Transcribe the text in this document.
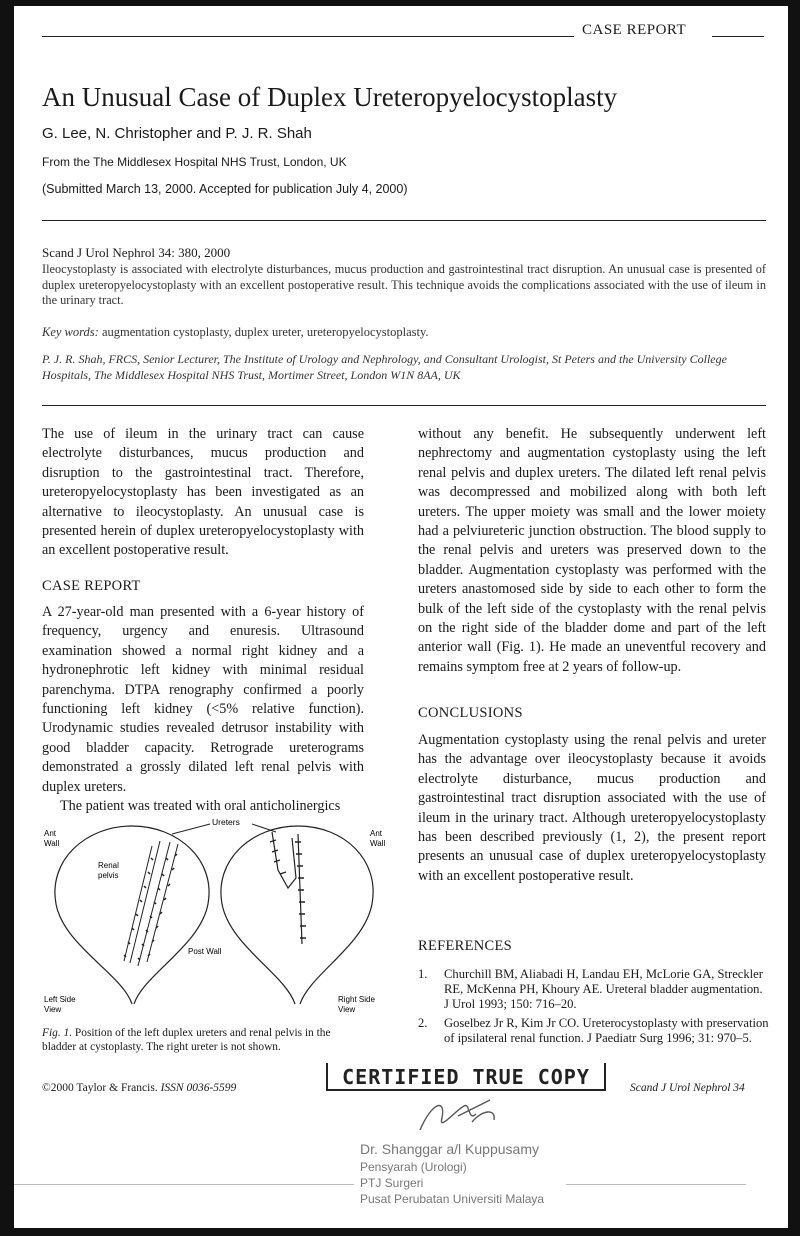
CASE REPORT
An Unusual Case of Duplex Ureteropyelocystoplasty
G. Lee, N. Christopher and P. J. R. Shah
From the The Middlesex Hospital NHS Trust, London, UK
(Submitted March 13, 2000. Accepted for publication July 4, 2000)
Scand J Urol Nephrol 34: 380, 2000
Ileocystoplasty is associated with electrolyte disturbances, mucus production and gastrointestinal tract disruption. An unusual case is presented of duplex ureteropyelocystoplasty with an excellent postoperative result. This technique avoids the complications associated with the use of ileum in the urinary tract.
Key words: augmentation cystoplasty, duplex ureter, ureteropyelocystoplasty.
P. J. R. Shah, FRCS, Senior Lecturer, The Institute of Urology and Nephrology, and Consultant Urologist, St Peters and the University College Hospitals, The Middlesex Hospital NHS Trust, Mortimer Street, London W1N 8AA, UK

The use of ileum in the urinary tract can cause electrolyte disturbances, mucus production and disruption to the gastrointestinal tract. Therefore, ureteropyelocystoplasty has been investigated as an alternative to ileocystoplasty. An unusual case is presented herein of duplex ureteropyelocystoplasty with an excellent postoperative result.

CASE REPORT

A 27-year-old man presented with a 6-year history of frequency, urgency and enuresis. Ultrasound examination showed a normal right kidney and a hydronephrotic left kidney with minimal residual parenchyma. DTPA renography confirmed a poorly functioning left kidney (<5% relative function). Urodynamic studies revealed detrusor instability with good bladder capacity. Retrograde ureterograms demonstrated a grossly dilated left renal pelvis with duplex ureters.

The patient was treated with oral anticholinergics

Ureters
Ant
Wall
Ant
Wall
Renal
pelvis
Post Wall
Left Side
View
Right Side
View
Fig. 1. Position of the left duplex ureters and renal pelvis in the bladder at cystoplasty. The right ureter is not shown.

without any benefit. He subsequently underwent left nephrectomy and augmentation cystoplasty using the left renal pelvis and duplex ureters. The dilated left renal pelvis was decompressed and mobilized along with both left ureters. The upper moiety was small and the lower moiety had a pelviureteric junction obstruction. The blood supply to the renal pelvis and ureters was preserved down to the bladder. Augmentation cystoplasty was performed with the ureters anastomosed side by side to each other to form the bulk of the left side of the cystoplasty with the renal pelvis on the right side of the bladder dome and part of the left anterior wall (Fig. 1). He made an uneventful recovery and remains symptom free at 2 years of follow-up.

CONCLUSIONS

Augmentation cystoplasty using the renal pelvis and ureter has the advantage over ileocystoplasty because it avoids electrolyte disturbance, mucus production and gastrointestinal tract disruption associated with the use of ileum in the urinary tract. Although ureteropyelocystoplasty has been described previously (1, 2), the present report presents an unusual case of duplex ureteropyelocystoplasty with an excellent postoperative result.

REFERENCES
1. Churchill BM, Aliabadi H, Landau EH, McLorie GA, Streckler RE, McKenna PH, Khoury AE. Ureteral bladder augmentation. J Urol 1993; 150: 716–20.
2. Goselbez Jr R, Kim Jr CO. Ureterocystoplasty with preservation of ipsilateral renal function. J Paediatr Surg 1996; 31: 970–5.
©2000 Taylor & Francis. ISSN 0036-5599	Scand J Urol Nephrol 34
CERTIFIED TRUE COPY
Dr. Shanggar a/l Kuppusamy
Pensyarah (Urologi)
PTJ Surgeri
Pusat Perubatan Universiti Malaya
